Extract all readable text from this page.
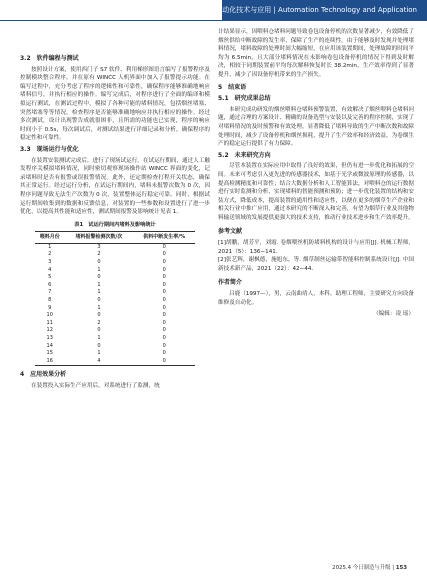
自动化技术与应用 | Automation Technology and Application
3.2　软件编程与测试

按照设计方案，使用西门子 S7 软件、利用梯形图语言编写了报警程序及控制模块整合程序，并在原有 WINCC 人机界面中加入了报警提示功能。在编写过程中，充分考虑了程序的逻辑性和可靠性，确保程序能够准确地响应堵料信号，并执行相应的操作。编写完成后，对程序进行了全面的编译和模拟运行测试，在测试过程中，模拟了各种可能的堵料情况，包括烟丝堵塞、突然堵塞等等情况，检查程序是否能够准确地响应并执行相应的操作。经过多次测试，设计出现警告成就很困非，且所需的功能也已实现，程序的响应时间小于 0.5s，每次调试后，对测试结果进行详细记录和分析，确保程序的稳定性和可靠性。

3.3　现场运行与优化

在装置安装测试完成后，进行了现场试运行。在试运行期间，通过人工触发程序关模拟堵料情况，同时密切观察现场操作站 WINCC 界面的变化，记录堵料时是否有报警或误报警情况。此外，还定期检查打程开关状态，确保其正常运行。经过运行分析，在试运行期间内，堵料未报警次数为 0 次，因程序问题导致无法生产次数为 0 次，装置整体运行稳定可靠。同时，根据试运行期间收集到的数据和反馈信息，对装置的一些参数和设置进行了进一步优化，以提高其性能和适应性，测试期间报警及影响统计见表 1。

表1　试运行期间内堵料及影响统计
喂料月份	堵料报警检测次数/次	供料中断发生率/%
1	3	0
2	2	0
3	0	0
4	1	0
5	0	0
6	1	0
7	1	0
8	0	0
9	1	0
10	0	0
11	2	0
12	0	0
13	1	0
14	0	0
15	1	0
16	4	0
4　应用效果分析

在装置投入实际生产应用后，对系统进行了监测，统

计结果显示，因喂料仓堵料问题导致卷包设备停机的次数显著减少，有效降低了烟丝供给中断故障的发生率，保障了生产的连续性。由于能够及时发现并处理堵料情况，堵料故障的处理时间大幅缩短，在应用该装置期间，处理故障的时间平均为 6.5min，且大部分堵料情况在未影响卷包设备停机的情况下得到及时解决，相较于同期装置前平均每次解料恢复时长 38.2min，生产效率得到了显著提升，减少了因设备停机带来的生产损失。

5　结束语
5.1　研究成果总结

本研究成功研发的烟丝喂料仓堵料预警装置，有效解决了烟丝喂料仓堵料问题，通过合理的方案设计、精确的设备选型与安装以及完善的程序控制，实现了对堵料情况的及时预警和有效处理，显著降低了堵料导致的生产中断次数和故障处理时间，减少了设备停机和烟丝损耗，提升了生产效率和经济效益，为卷烟生产的稳定运行提供了有力保障。

5.2　未来研究方向

尽管本装置在实际应用中取得了良好的效果，但仍有进一步优化和拓展的空间。未来可考虑引入更先进的传感器技术，如基于光学或微波原理的传感器，以提高检测精度和可靠性；结合大数据分析和人工智能算法，对喂料仓的运行数据进行实时监测和分析，实现堵料的智能预测和预防；进一步优化装置的结构和安装方式，降低成本，提高装置的通用性和适应性，以便在更多的烟草生产企业和相关行业中推广应用，通过本研究的不断深入和完善，有望为烟草行业及其他物料输送领域的发展提供更强大的技术支持，推动行业技术进步和生产效率提升。

参考文献

[1]胡鹏，胡芳平，刘霞. 卷烟喂丝机防堵料机构的设计与应用[J]. 机械工程师，2021（5）：136−141.

[2]张艺辉，谢枫德，施旭东，等. 烟草制丝运输带智能料控制系统设计[J]. 中国新技术新产品，2021（22）：42−44.

作者简介

吕鹿（1997—），男，云南曲靖人，本科，助理工程师，主要研究方向设备维修及自动化。

（编辑：凌 瑶）
2025.4 今日制造与升级 | 153
